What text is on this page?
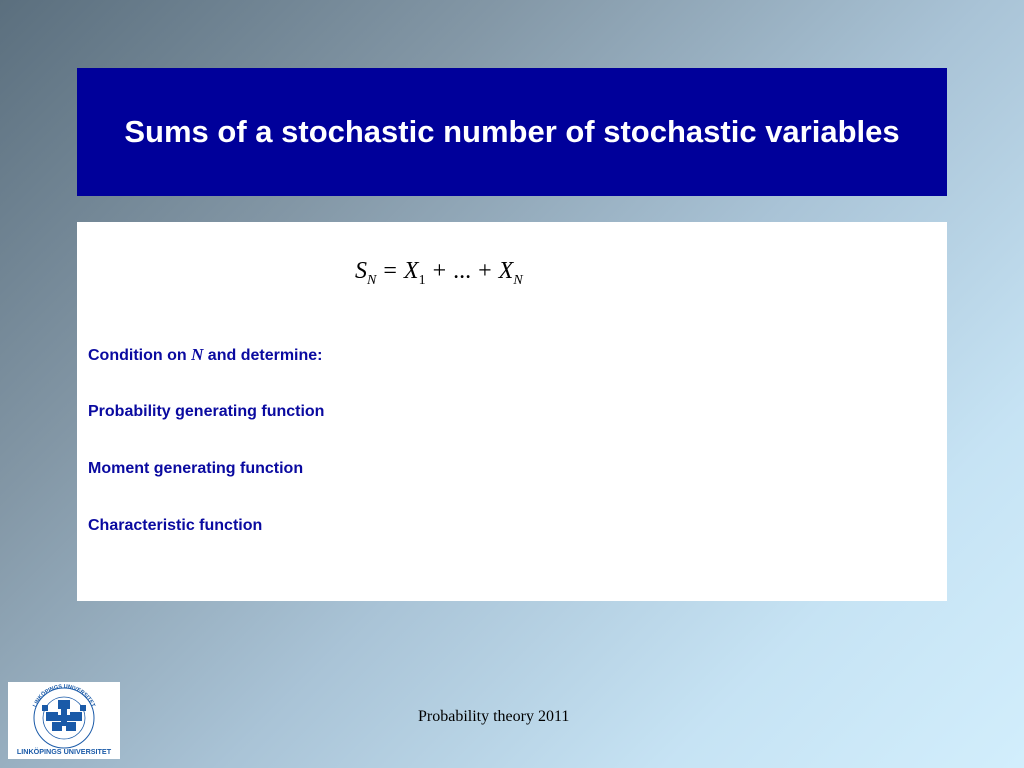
Sums of a stochastic number of stochastic variables
$S_N = X_1$ + ... + $X_N$
Condition on N and determine:
Probability generating function
Moment generating function
Characteristic function
LINKÖPINGS UNIVERSITET
LINKÖPINGS UNIVERSITET
Probability theory 2011
